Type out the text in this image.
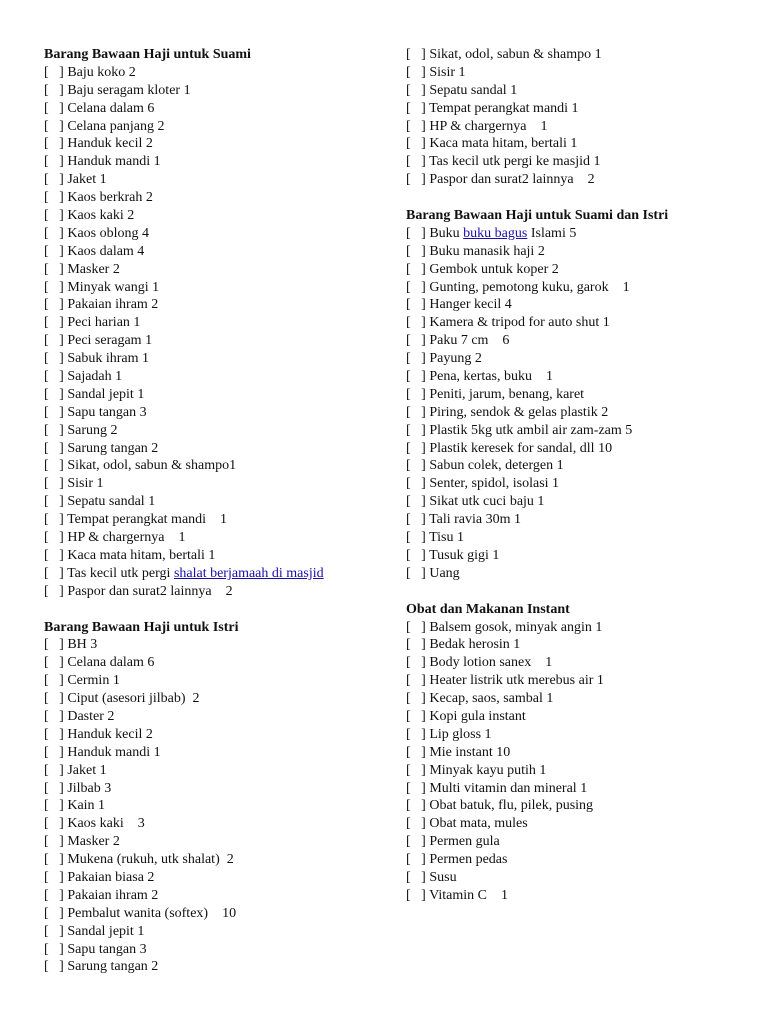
Barang Bawaan Haji untuk Suami
[   ] Baju koko 2
[   ] Baju seragam kloter 1
[   ] Celana dalam 6
[   ] Celana panjang 2
[   ] Handuk kecil 2
[   ] Handuk mandi 1
[   ] Jaket 1
[   ] Kaos berkrah 2
[   ] Kaos kaki 2
[   ] Kaos oblong 4
[   ] Kaos dalam 4
[   ] Masker 2
[   ] Minyak wangi 1
[   ] Pakaian ihram 2
[   ] Peci harian 1
[   ] Peci seragam 1
[   ] Sabuk ihram 1
[   ] Sajadah 1
[   ] Sandal jepit 1
[   ] Sapu tangan 3
[   ] Sarung 2
[   ] Sarung tangan 2
[   ] Sikat, odol, sabun & shampo1
[   ] Sisir 1
[   ] Sepatu sandal 1
[   ] Tempat perangkat mandi    1
[   ] HP & chargernya    1
[   ] Kaca mata hitam, bertali 1
[   ] Tas kecil utk pergi shalat berjamaah di masjid
[   ] Paspor dan surat2 lainnya    2
Barang Bawaan Haji untuk Istri
[   ] BH 3
[   ] Celana dalam 6
[   ] Cermin 1
[   ] Ciput (asesori jilbab)  2
[   ] Daster 2
[   ] Handuk kecil 2
[   ] Handuk mandi 1
[   ] Jaket 1
[   ] Jilbab 3
[   ] Kain 1
[   ] Kaos kaki    3
[   ] Masker 2
[   ] Mukena (rukuh, utk shalat)  2
[   ] Pakaian biasa 2
[   ] Pakaian ihram 2
[   ] Pembalut wanita (softex)    10
[   ] Sandal jepit 1
[   ] Sapu tangan 3
[   ] Sarung tangan 2
[   ] Sikat, odol, sabun & shampo 1
[   ] Sisir 1
[   ] Sepatu sandal 1
[   ] Tempat perangkat mandi 1
[   ] HP & chargernya    1
[   ] Kaca mata hitam, bertali 1
[   ] Tas kecil utk pergi ke masjid 1
[   ] Paspor dan surat2 lainnya    2
Barang Bawaan Haji untuk Suami dan Istri
[   ] Buku buku bagus Islami 5
[   ] Buku manasik haji 2
[   ] Gembok untuk koper 2
[   ] Gunting, pemotong kuku, garok    1
[   ] Hanger kecil 4
[   ] Kamera & tripod for auto shut 1
[   ] Paku 7 cm    6
[   ] Payung 2
[   ] Pena, kertas, buku    1
[   ] Peniti, jarum, benang, karet
[   ] Piring, sendok & gelas plastik 2
[   ] Plastik 5kg utk ambil air zam-zam 5
[   ] Plastik keresek for sandal, dll 10
[   ] Sabun colek, detergen 1
[   ] Senter, spidol, isolasi 1
[   ] Sikat utk cuci baju 1
[   ] Tali ravia 30m 1
[   ] Tisu 1
[   ] Tusuk gigi 1
[   ] Uang
Obat dan Makanan Instant
[   ] Balsem gosok, minyak angin 1
[   ] Bedak herosin 1
[   ] Body lotion sanex    1
[   ] Heater listrik utk merebus air 1
[   ] Kecap, saos, sambal 1
[   ] Kopi gula instant
[   ] Lip gloss 1
[   ] Mie instant 10
[   ] Minyak kayu putih 1
[   ] Multi vitamin dan mineral 1
[   ] Obat batuk, flu, pilek, pusing
[   ] Obat mata, mules
[   ] Permen gula
[   ] Permen pedas
[   ] Susu
[   ] Vitamin C    1
